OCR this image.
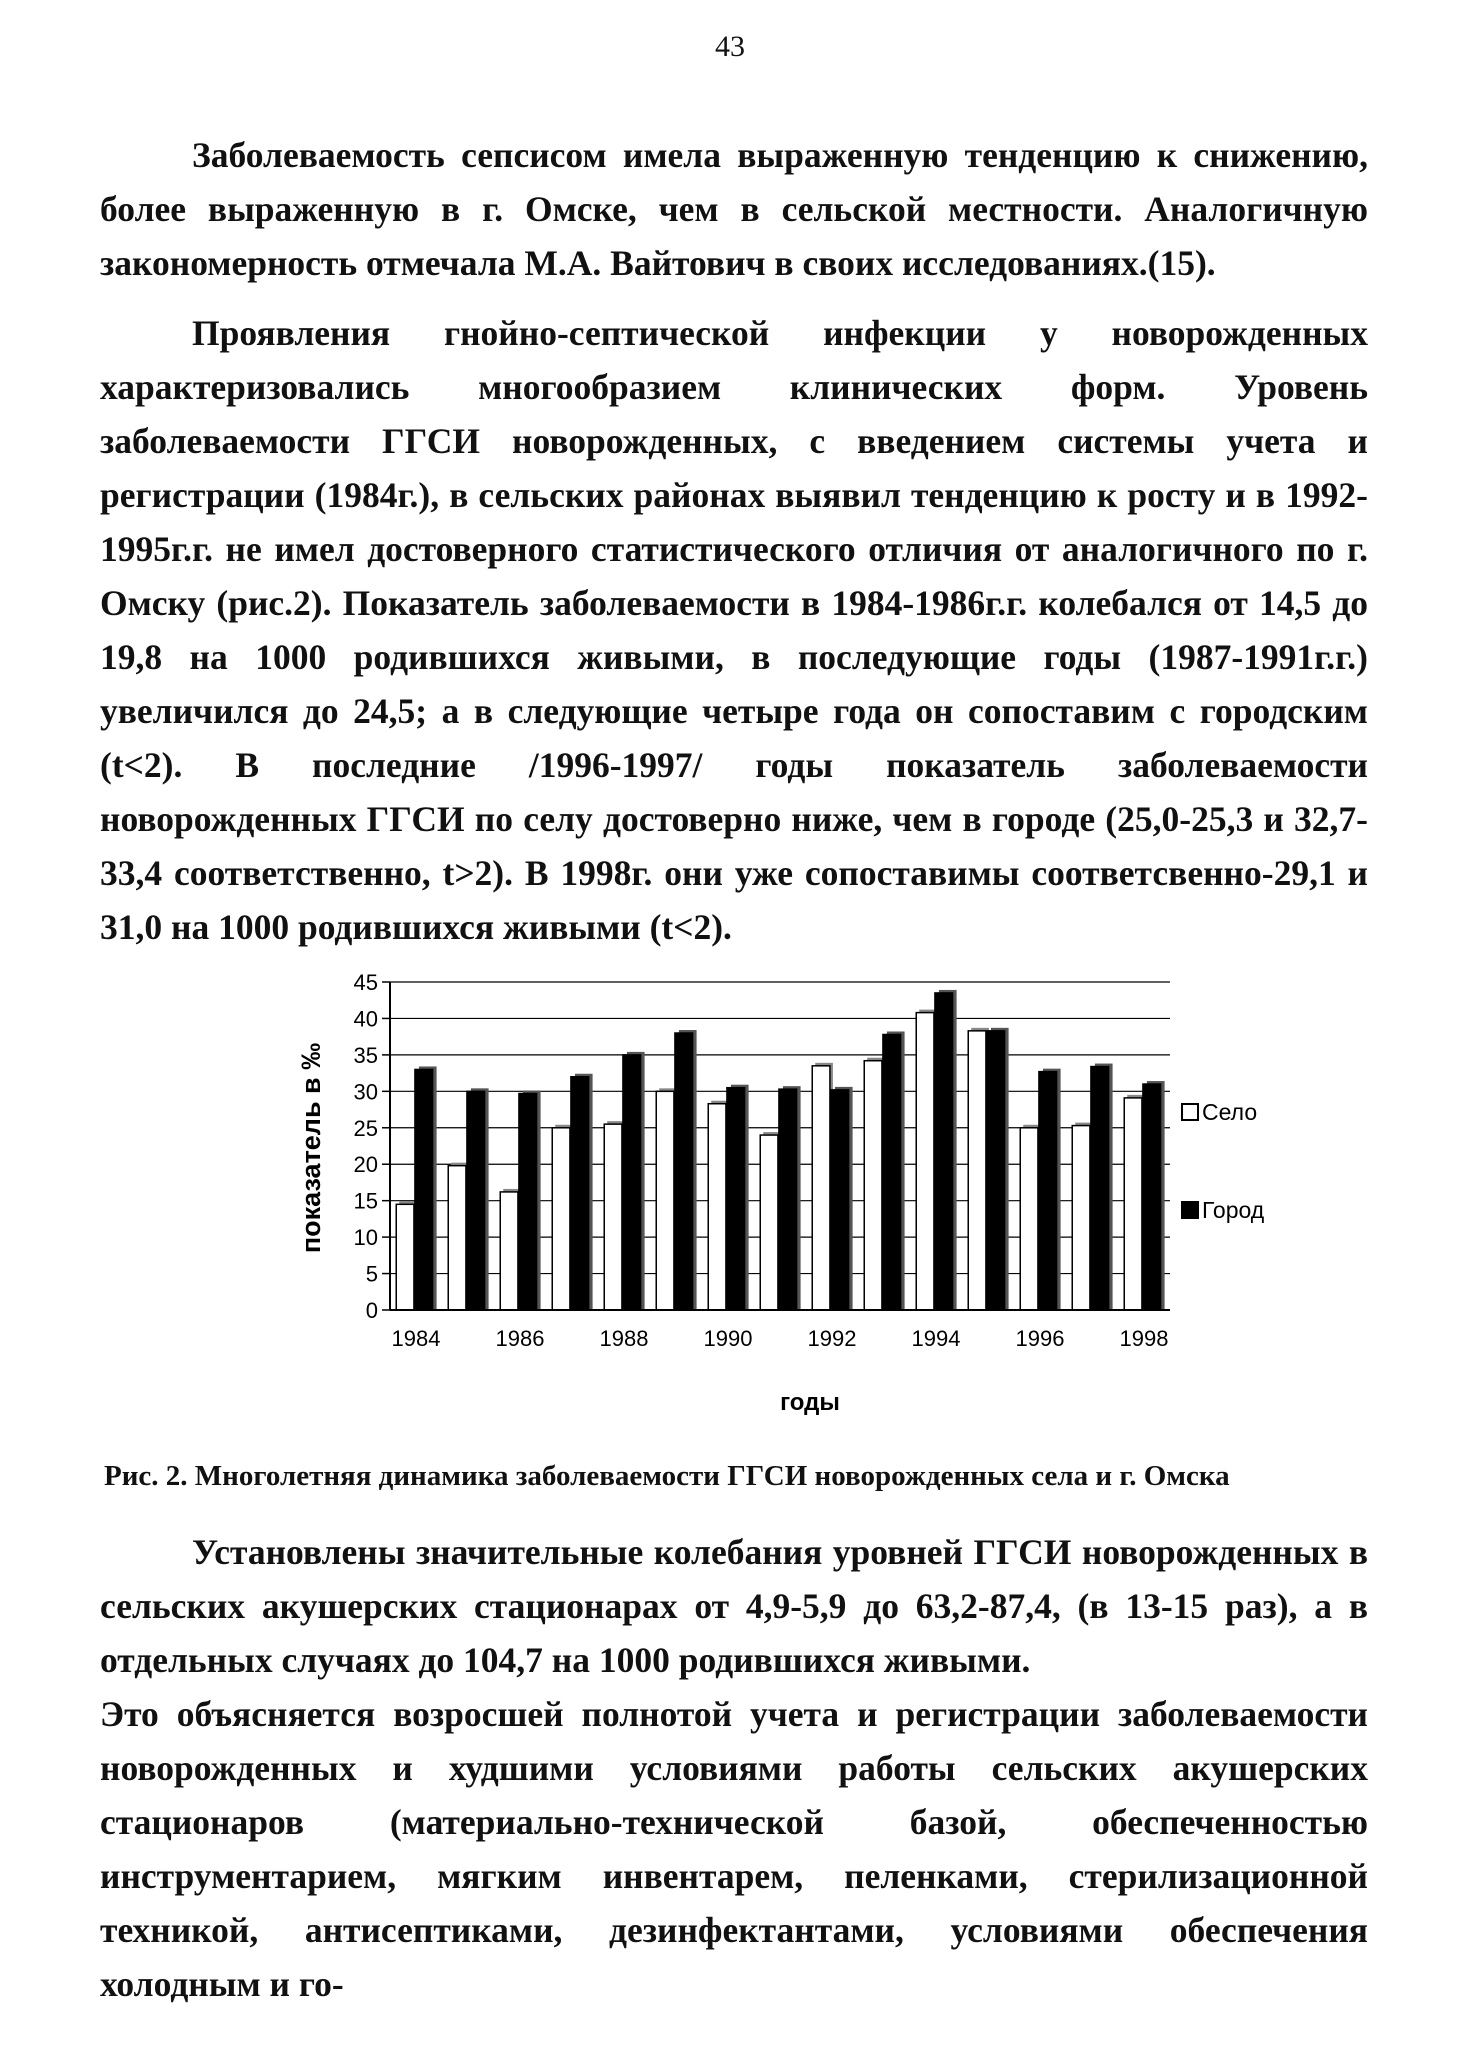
43

Заболеваемость сепсисом имела выраженную тенденцию к снижению, более выраженную в г. Омске, чем в сельской местности. Аналогичную закономерность отмечала М.А. Вайтович в своих исследованиях.(15).

Проявления гнойно-септической инфекции у новорожденных характеризовались многообразием клинических форм. Уровень заболеваемости ГГСИ новорожденных, с введением системы учета и регистрации (1984г.), в сельских районах выявил тенденцию к росту и в 1992-1995г.г. не имел достоверного статистического отличия от аналогичного по г. Омску (рис.2). Показатель заболеваемости в 1984-1986г.г. колебался от 14,5 до 19,8 на 1000 родившихся живыми, в последующие годы (1987-1991г.г.) увеличился до 24,5; а в следующие четыре года он сопоставим с городским (t<2). В последние /1996-1997/ годы показатель заболеваемости новорожденных ГГСИ по селу достоверно ниже, чем в городе (25,0-25,3 и 32,7-33,4 соответственно, t>2). В 1998г. они уже сопоставимы соответсвенно-29,1 и 31,0 на 1000 родившихся живыми (t<2).

0
5
10
15
20
25
30
35
40
45
1984	1986	1988	1990	1992	1994	1996	1998
показатель в ‰
годы
Село
Город
Рис. 2. Многолетняя динамика заболеваемости ГГСИ новорожденных села и г. Омска

Установлены значительные колебания уровней ГГСИ новорожденных в сельских акушерских стационарах от 4,9-5,9 до 63,2-87,4, (в 13-15 раз), а в отдельных случаях до 104,7 на 1000 родившихся живыми.

Это объясняется возросшей полнотой учета и регистрации заболеваемости новорожденных и худшими условиями работы сельских акушерских стационаров (материально-технической базой, обеспеченностью инструментарием, мягким инвентарем, пеленками, стерилизационной техникой, антисептиками, дезинфектантами, условиями обеспечения холодным и го-
